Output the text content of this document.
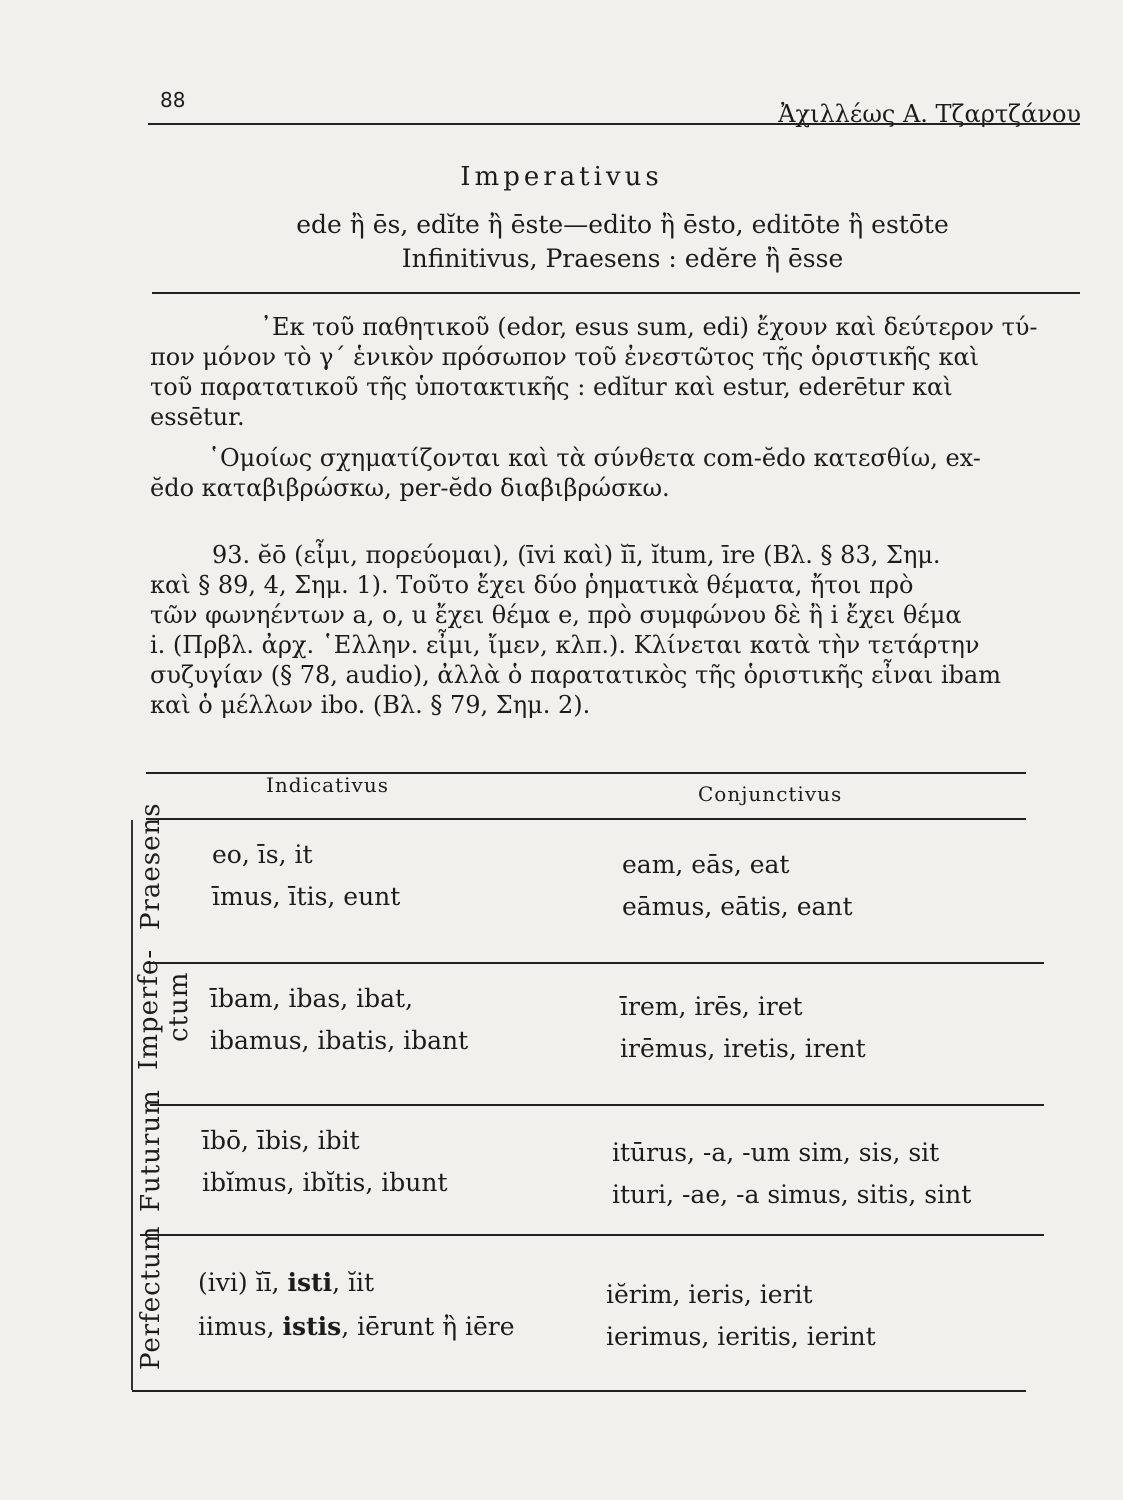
88	Ἀχιλλέως Α. Τζαρτζάνου
Imperativus
ede ἢ ēs, edĭte ἢ ēste—edito ἢ ēsto, editōte ἢ estōte
Infinitivus, Praesens : edĕre ἢ ēsse
᾿Εκ τοῦ παθητικοῦ (edor, esus sum, edi) ἔχουν καὶ δεύτερον τύ-
πον μόνον τὸ γ΄ ἑνικὸν πρόσωπον τοῦ ἐνεστῶτος τῆς ὁριστικῆς καὶ
τοῦ παρατατικοῦ τῆς ὑποτακτικῆς : edĭtur καὶ estur, ederētur καὶ
essētur.
῾Ομοίως σχηματίζονται καὶ τὰ σύνθετα com-ĕdo κατεσθίω, ex-
ĕdo καταβιβρώσκω, per-ĕdo διαβιβρώσκω.
93. ĕō (εἶμι, πορεύομαι), (īvi καὶ) ĭī, ĭtum, īre (Βλ. § 83, Σημ.
καὶ § 89, 4, Σημ. 1). Τοῦτο ἔχει δύο ῥηματικὰ θέματα, ἤτοι πρὸ
τῶν φωνηέντων a, o, u ἔχει θέμα e, πρὸ συμφώνου δὲ ἢ i ἔχει θέμα
i. (Πρβλ. ἀρχ. ῾Ελλην. εἶμι, ἴμεν, κλπ.). Κλίνεται κατὰ τὴν τετάρτην
συζυγίαν (§ 78, audio), ἀλλὰ ὁ παρατατικὸς τῆς ὁριστικῆς εἶναι ibam
καὶ ὁ μέλλων ibo. (Βλ. § 79, Σημ. 2).
Indicativus	Conjunctivus
Praesens eo, īs, it
īmus, ītis, eunt
eam, eās, eat
eāmus, eātis, eant
Imperfe-
ctum ībam, ibas, ibat,
ibamus, ibatis, ibant
īrem, irēs, iret
irēmus, iretis, irent
Futurum ībō, ībis, ibit
ibĭmus, ibĭtis, ibunt
itūrus, -a, -um sim, sis, sit
ituri, -ae, -a simus, sitis, sint
Perfectum (ivi) ĭī, isti, ĭit
iimus, istis, iērunt ἢ iēre
iĕrim, ieris, ierit
ierimus, ieritis, ierint
